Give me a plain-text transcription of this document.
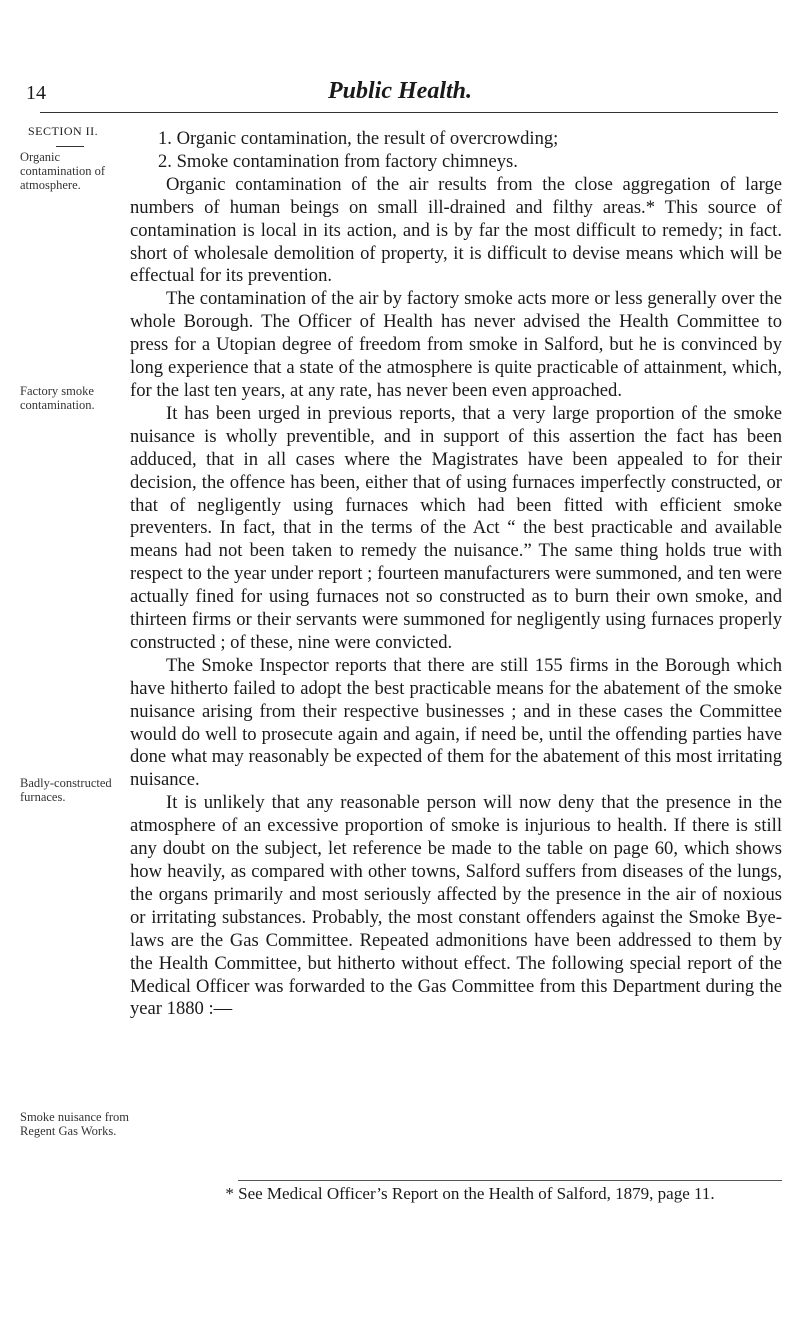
14	Public Health.
SECTION II.
Organic contamination of atmosphere.
Factory smoke contamination.
Badly-constructed furnaces.
Smoke nuisance from Regent Gas Works.

1. Organic contamination, the result of overcrowding;

2. Smoke contamination from factory chimneys.

Organic contamination of the air results from the close aggregation of large numbers of human beings on small ill-drained and filthy areas.* This source of contamination is local in its action, and is by far the most difficult to remedy; in fact. short of wholesale demolition of property, it is difficult to devise means which will be effectual for its prevention.

The contamination of the air by factory smoke acts more or less generally over the whole Borough. The Officer of Health has never advised the Health Committee to press for a Utopian degree of freedom from smoke in Salford, but he is convinced by long experience that a state of the atmosphere is quite practicable of attainment, which, for the last ten years, at any rate, has never been even approached.

It has been urged in previous reports, that a very large proportion of the smoke nuisance is wholly preventible, and in support of this assertion the fact has been adduced, that in all cases where the Magistrates have been appealed to for their decision, the offence has been, either that of using furnaces imperfectly constructed, or that of negligently using furnaces which had been fitted with efficient smoke preventers. In fact, that in the terms of the Act “ the best practicable and available means had not been taken to remedy the nuisance.” The same thing holds true with respect to the year under report ; fourteen manufacturers were summoned, and ten were actually fined for using furnaces not so constructed as to burn their own smoke, and thirteen firms or their servants were summoned for negligently using furnaces properly constructed ; of these, nine were convicted.

The Smoke Inspector reports that there are still 155 firms in the Borough which have hitherto failed to adopt the best practicable means for the abatement of the smoke nuisance arising from their respective businesses ; and in these cases the Committee would do well to prosecute again and again, if need be, until the offending parties have done what may reasonably be expected of them for the abatement of this most irritating nuisance.

It is unlikely that any reasonable person will now deny that the presence in the atmosphere of an excessive proportion of smoke is injurious to health. If there is still any doubt on the subject, let reference be made to the table on page 60, which shows how heavily, as compared with other towns, Salford suffers from diseases of the lungs, the organs primarily and most seriously affected by the presence in the air of noxious or irritating substances. Probably, the most constant offenders against the Smoke Bye-laws are the Gas Committee. Repeated admonitions have been addressed to them by the Health Committee, but hitherto without effect. The following special report of the Medical Officer was forwarded to the Gas Committee from this Department during the year 1880 :—

* See Medical Officer’s Report on the Health of Salford, 1879, page 11.
